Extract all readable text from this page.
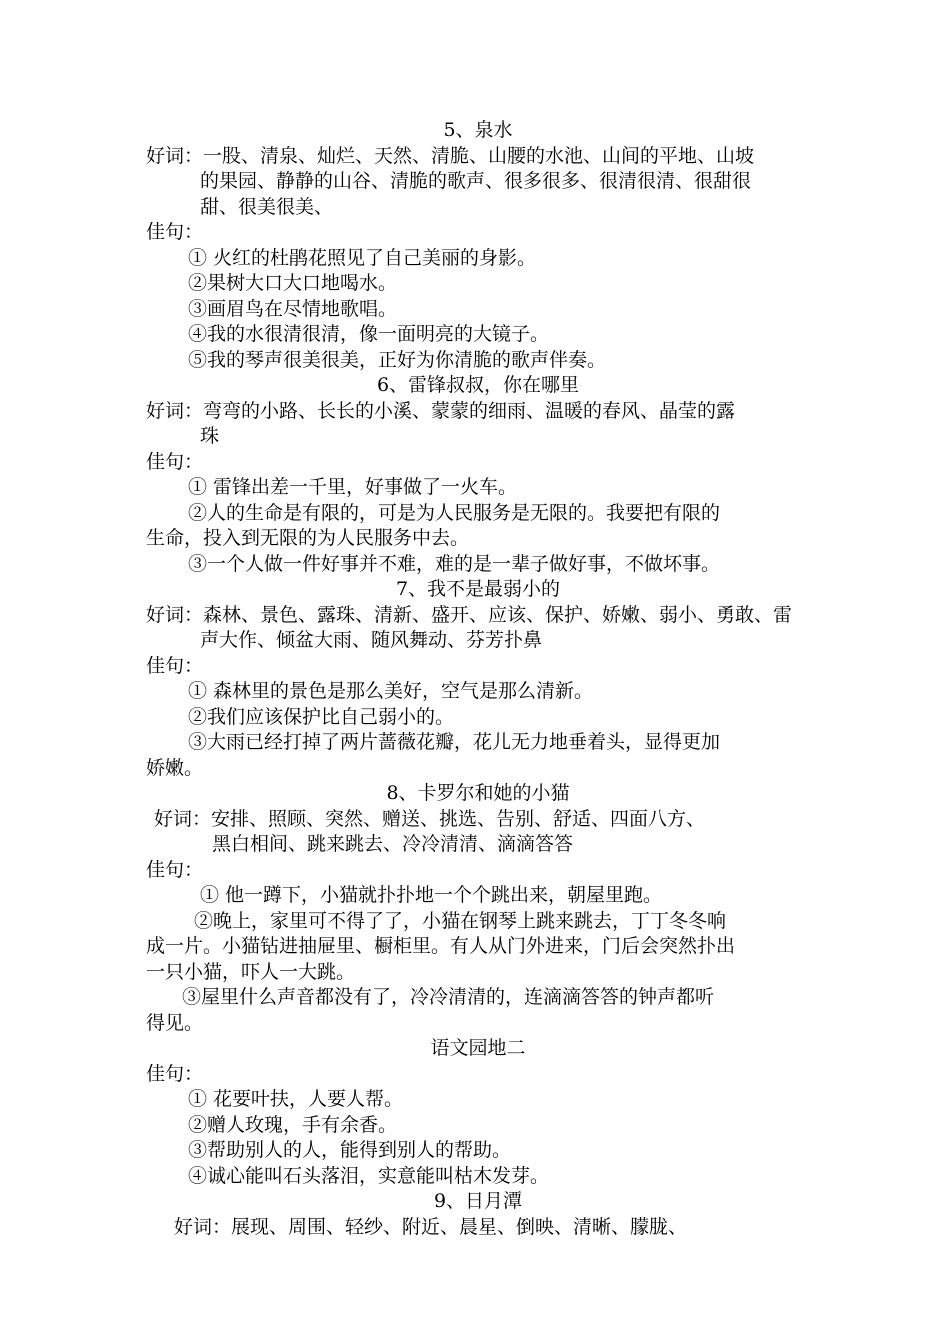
5、泉水
好词：一股、清泉、灿烂、天然、清脆、山腰的水池、山间的平地、山坡
的果园、静静的山谷、清脆的歌声、很多很多、很清很清、很甜很
甜、很美很美、
佳句：
① 火红的杜鹃花照见了自己美丽的身影。
②果树大口大口地喝水。
③画眉鸟在尽情地歌唱。
④我的水很清很清，像一面明亮的大镜子。
⑤我的琴声很美很美，正好为你清脆的歌声伴奏。
6、雷锋叔叔，你在哪里
好词：弯弯的小路、长长的小溪、蒙蒙的细雨、温暖的春风、晶莹的露
珠
佳句：
① 雷锋出差一千里，好事做了一火车。
②人的生命是有限的，可是为人民服务是无限的。我要把有限的
生命，投入到无限的为人民服务中去。
③一个人做一件好事并不难，难的是一辈子做好事，不做坏事。
7、我不是最弱小的
好词：森林、景色、露珠、清新、盛开、应该、保护、娇嫩、弱小、勇敢、雷
声大作、倾盆大雨、随风舞动、芬芳扑鼻
佳句：
① 森林里的景色是那么美好，空气是那么清新。
②我们应该保护比自己弱小的。
③大雨已经打掉了两片蔷薇花瓣，花儿无力地垂着头，显得更加
娇嫩。
8、卡罗尔和她的小猫
好词：安排、照顾、突然、赠送、挑选、告别、舒适、四面八方、
黑白相间、跳来跳去、冷冷清清、滴滴答答
佳句：
① 他一蹲下，小猫就扑扑地一个个跳出来，朝屋里跑。
②晚上，家里可不得了了，小猫在钢琴上跳来跳去，丁丁冬冬响
成一片。小猫钻进抽屉里、橱柜里。有人从门外进来，门后会突然扑出
一只小猫，吓人一大跳。
③屋里什么声音都没有了，冷冷清清的，连滴滴答答的钟声都听
得见。
语文园地二
佳句：
① 花要叶扶，人要人帮。
②赠人玫瑰，手有余香。
③帮助别人的人，能得到别人的帮助。
④诚心能叫石头落泪，实意能叫枯木发芽。
9、日月潭
好词：展现、周围、轻纱、附近、晨星、倒映、清晰、朦胧、
